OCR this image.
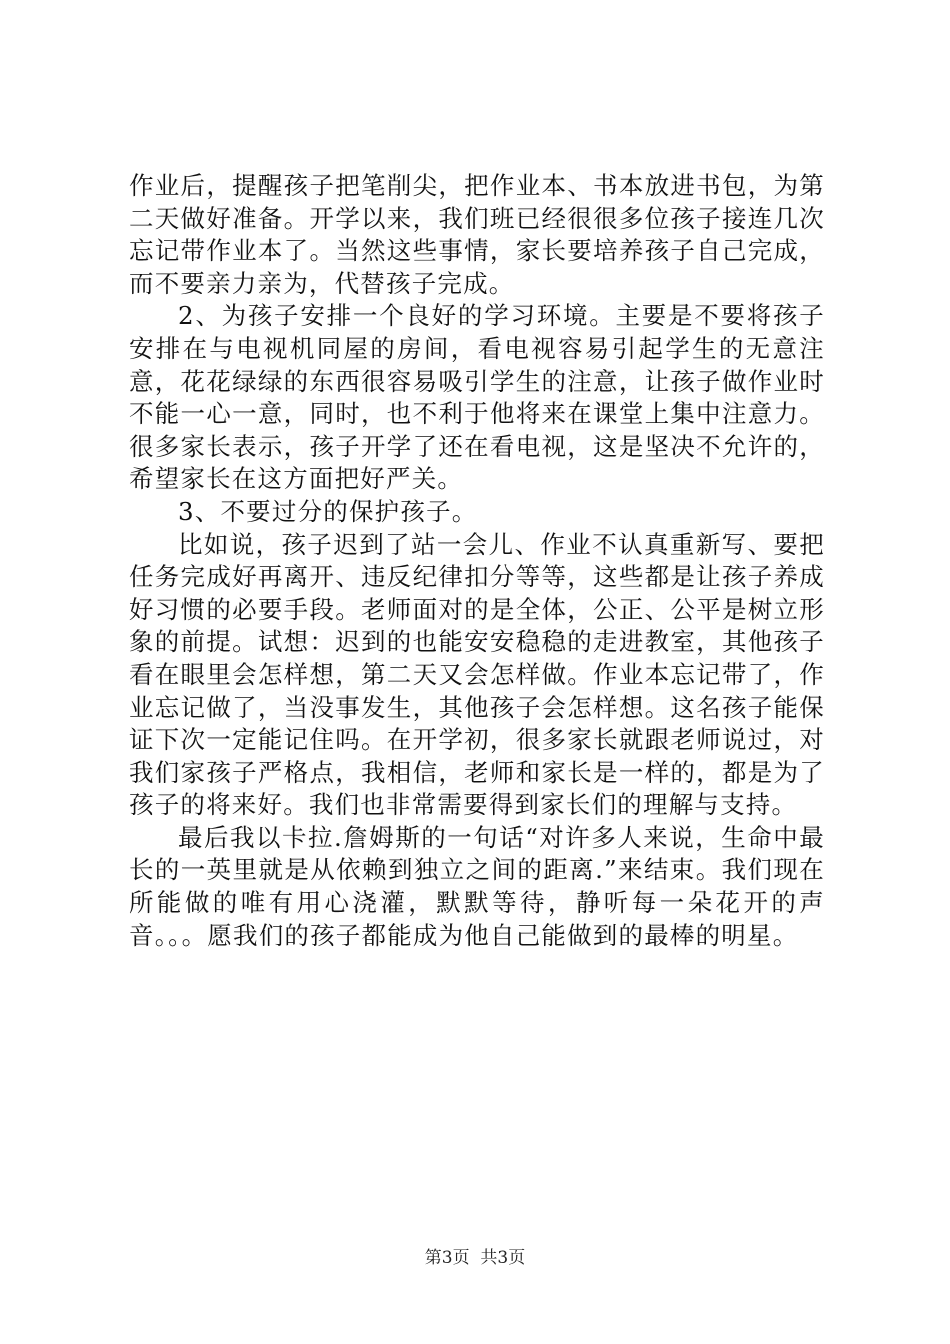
作业后，提醒孩子把笔削尖，把作业本、书本放进书包，为第二天做好准备。开学以来，我们班已经很很多位孩子接连几次忘记带作业本了。当然这些事情，家长要培养孩子自己完成，而不要亲力亲为，代替孩子完成。

2、为孩子安排一个良好的学习环境。主要是不要将孩子安排在与电视机同屋的房间，看电视容易引起学生的无意注意，花花绿绿的东西很容易吸引学生的注意，让孩子做作业时不能一心一意，同时，也不利于他将来在课堂上集中注意力。很多家长表示，孩子开学了还在看电视，这是坚决不允许的，希望家长在这方面把好严关。

3、不要过分的保护孩子。

比如说，孩子迟到了站一会儿、作业不认真重新写、要把任务完成好再离开、违反纪律扣分等等，这些都是让孩子养成好习惯的必要手段。老师面对的是全体，公正、公平是树立形象的前提。试想：迟到的也能安安稳稳的走进教室，其他孩子看在眼里会怎样想，第二天又会怎样做。作业本忘记带了，作业忘记做了，当没事发生，其他孩子会怎样想。这名孩子能保证下次一定能记住吗。在开学初，很多家长就跟老师说过，对我们家孩子严格点，我相信，老师和家长是一样的，都是为了孩子的将来好。我们也非常需要得到家长们的理解与支持。

最后我以卡拉.詹姆斯的一句话“对许多人来说，生命中最长的一英里就是从依赖到独立之间的距离.”来结束。我们现在所能做的唯有用心浇灌，默默等待，静听每一朵花开的声音。。。愿我们的孩子都能成为他自己能做到的最棒的明星。

第3页  共3页
